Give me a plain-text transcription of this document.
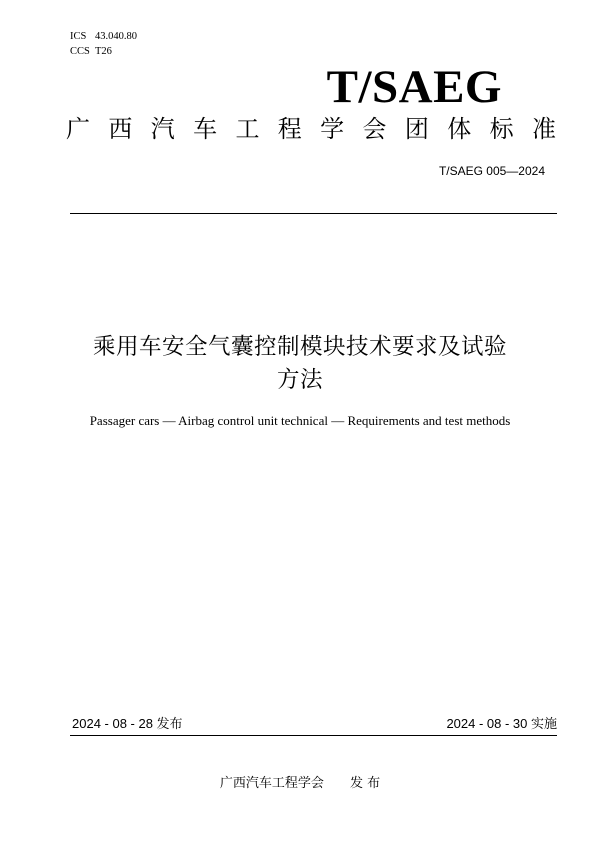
ICS 43.040.80
CCS T26
T/SAEG
广 西 汽 车 工 程 学 会 团 体 标 准
T/SAEG 005—2024
乘用车安全气囊控制模块技术要求及试验
方法
Passager cars — Airbag control unit technical — Requirements and test methods
2024 - 08 - 28 发布	2024 - 08 - 30 实施
广西汽车工程学会 发 布
